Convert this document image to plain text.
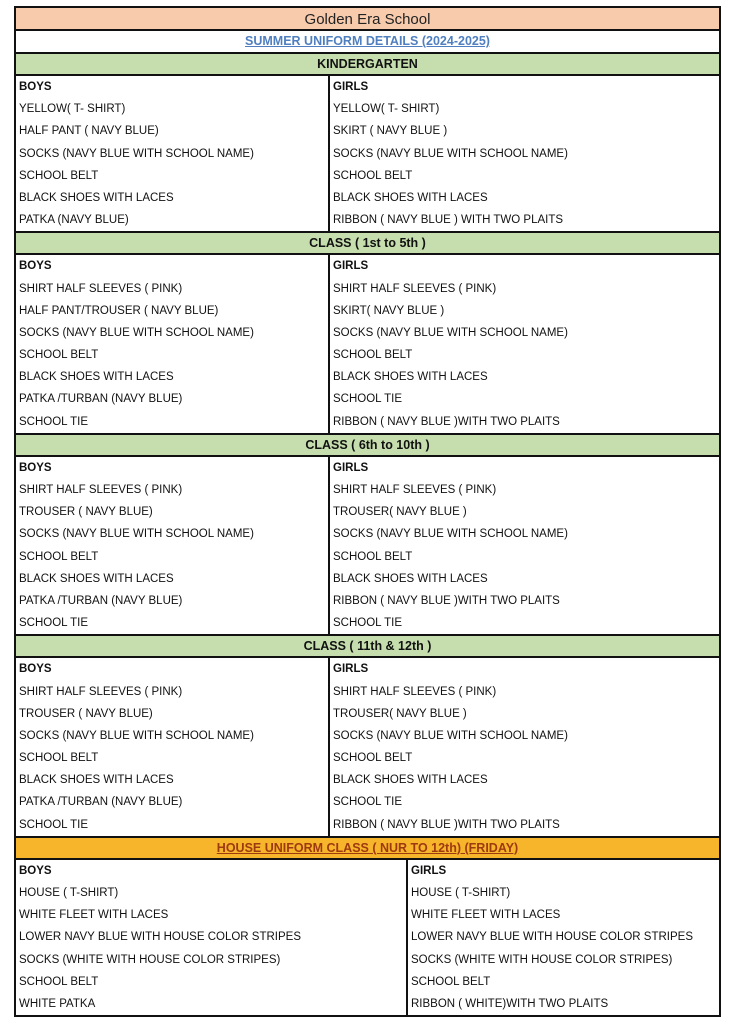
Golden Era School
SUMMER UNIFORM DETAILS (2024-2025)
KINDERGARTEN
BOYS
YELLOW( T- SHIRT)
HALF PANT ( NAVY BLUE)
SOCKS (NAVY BLUE WITH SCHOOL NAME)
SCHOOL BELT
BLACK SHOES WITH LACES
PATKA (NAVY BLUE)
GIRLS
YELLOW( T- SHIRT)
SKIRT ( NAVY BLUE )
SOCKS (NAVY BLUE WITH SCHOOL NAME)
SCHOOL BELT
BLACK SHOES WITH LACES
RIBBON ( NAVY BLUE ) WITH TWO PLAITS
CLASS ( 1st to 5th )
BOYS
SHIRT HALF SLEEVES ( PINK)
HALF PANT/TROUSER ( NAVY BLUE)
SOCKS (NAVY BLUE WITH SCHOOL NAME)
SCHOOL BELT
BLACK SHOES WITH LACES
PATKA /TURBAN (NAVY BLUE)
SCHOOL TIE
GIRLS
SHIRT HALF SLEEVES ( PINK)
SKIRT( NAVY BLUE )
SOCKS (NAVY BLUE WITH SCHOOL NAME)
SCHOOL BELT
BLACK SHOES WITH LACES
SCHOOL TIE
RIBBON ( NAVY BLUE )WITH TWO PLAITS
CLASS ( 6th to 10th )
BOYS
SHIRT HALF SLEEVES ( PINK)
TROUSER ( NAVY BLUE)
SOCKS (NAVY BLUE WITH SCHOOL NAME)
SCHOOL BELT
BLACK SHOES WITH LACES
PATKA /TURBAN (NAVY BLUE)
SCHOOL TIE
GIRLS
SHIRT HALF SLEEVES ( PINK)
TROUSER( NAVY BLUE )
SOCKS (NAVY BLUE WITH SCHOOL NAME)
SCHOOL BELT
BLACK SHOES WITH LACES
RIBBON ( NAVY BLUE )WITH TWO PLAITS
SCHOOL TIE
CLASS ( 11th & 12th )
BOYS
SHIRT HALF SLEEVES ( PINK)
TROUSER ( NAVY BLUE)
SOCKS (NAVY BLUE WITH SCHOOL NAME)
SCHOOL BELT
BLACK SHOES WITH LACES
PATKA /TURBAN (NAVY BLUE)
SCHOOL TIE
GIRLS
SHIRT HALF SLEEVES ( PINK)
TROUSER( NAVY BLUE )
SOCKS (NAVY BLUE WITH SCHOOL NAME)
SCHOOL BELT
BLACK SHOES WITH LACES
SCHOOL TIE
RIBBON ( NAVY BLUE )WITH TWO PLAITS
HOUSE UNIFORM CLASS ( NUR TO 12th) (FRIDAY)
BOYS
HOUSE ( T-SHIRT)
WHITE FLEET WITH LACES
LOWER NAVY BLUE WITH HOUSE COLOR STRIPES
SOCKS (WHITE WITH HOUSE COLOR STRIPES)
SCHOOL BELT
WHITE PATKA
GIRLS
HOUSE ( T-SHIRT)
WHITE FLEET WITH LACES
LOWER NAVY BLUE WITH HOUSE COLOR STRIPES
SOCKS (WHITE WITH HOUSE COLOR STRIPES)
SCHOOL BELT
RIBBON ( WHITE)WITH TWO PLAITS
